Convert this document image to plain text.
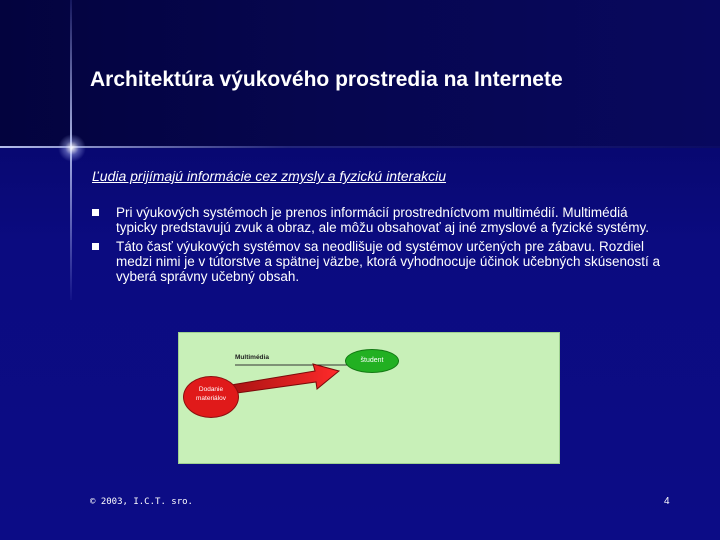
Architektúra výukového prostredia na Internete
Ľudia prijímajú informácie cez zmysly a fyzickú interakciu
Pri výukových systémoch je prenos informácií prostredníctvom multimédií. Multimédiá typicky predstavujú zvuk a obraz, ale môžu obsahovať aj iné zmyslové a fyzické systémy.
Táto časť výukových systémov sa neodlišuje od systémov určených pre zábavu. Rozdiel medzi nimi je v tútorstve a spätnej väzbe, ktorá vyhodnocuje účinok učebných skúseností a vyberá správny učebný obsah.
Multimédia	študent
Dodanie materiálov
© 2003, I.C.T. sro.	4
